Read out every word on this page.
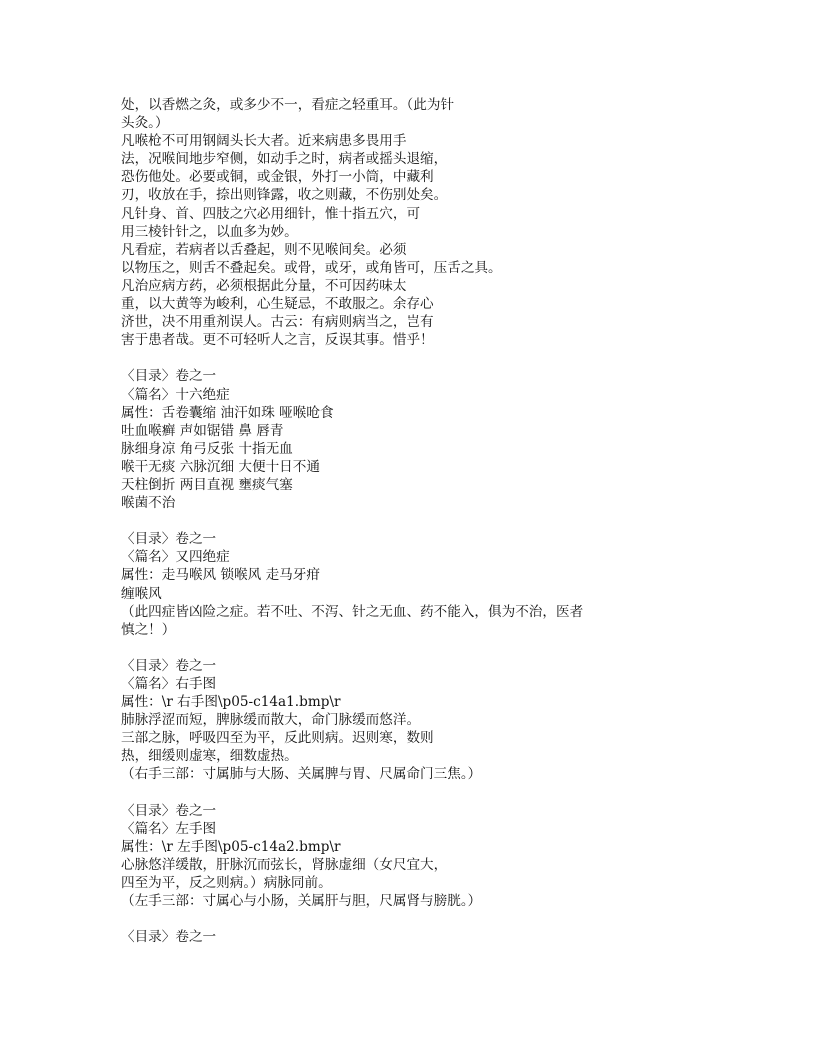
处，以香燃之灸，或多少不一，看症之轻重耳。（此为针
头灸。）
凡喉枪不可用钢阔头长大者。近来病患多畏用手
法，况喉间地步窄侧，如动手之时，病者或摇头退缩，
恐伤他处。必要或铜，或金银，外打一小筒，中藏利
刃，收放在手，捺出则锋露，收之则藏，不伤别处矣。
凡针身、首、四肢之穴必用细针，惟十指五穴，可
用三棱针针之，以血多为妙。
凡看症，若病者以舌叠起，则不见喉间矣。必须
以物压之，则舌不叠起矣。或骨，或牙，或角皆可，压舌之具。
凡治应病方药，必须根据此分量，不可因药味太
重，以大黄等为峻利，心生疑忌，不敢服之。余存心
济世，决不用重剂误人。古云：有病则病当之，岂有
害于患者哉。更不可轻听人之言，反误其事。惜乎！
〈目录〉卷之一
〈篇名〉十六绝症
属性：舌卷囊缩 油汗如珠 哑喉呛食
吐血喉癣 声如锯错 鼻 唇青
脉细身凉 角弓反张 十指无血
喉干无痰 六脉沉细 大便十日不通
天柱倒折 两目直视 壅痰气塞
喉菌不治
〈目录〉卷之一
〈篇名〉又四绝症
属性：走马喉风 锁喉风 走马牙疳
缠喉风
（此四症皆凶险之症。若不吐、不泻、针之无血、药不能入，俱为不治，医者
慎之！）
〈目录〉卷之一
〈篇名〉右手图
属性：\r 右手图\p05-c14a1.bmp\r
肺脉浮涩而短，脾脉缓而散大，命门脉缓而悠洋。
三部之脉，呼吸四至为平，反此则病。迟则寒，数则
热，细缓则虚寒，细数虚热。
（右手三部：寸属肺与大肠、关属脾与胃、尺属命门三焦。）
〈目录〉卷之一
〈篇名〉左手图
属性：\r 左手图\p05-c14a2.bmp\r
心脉悠洋缓散，肝脉沉而弦长，肾脉虚细（女尺宜大，
四至为平，反之则病。）病脉同前。
（左手三部：寸属心与小肠，关属肝与胆，尺属肾与膀胱。）
〈目录〉卷之一
